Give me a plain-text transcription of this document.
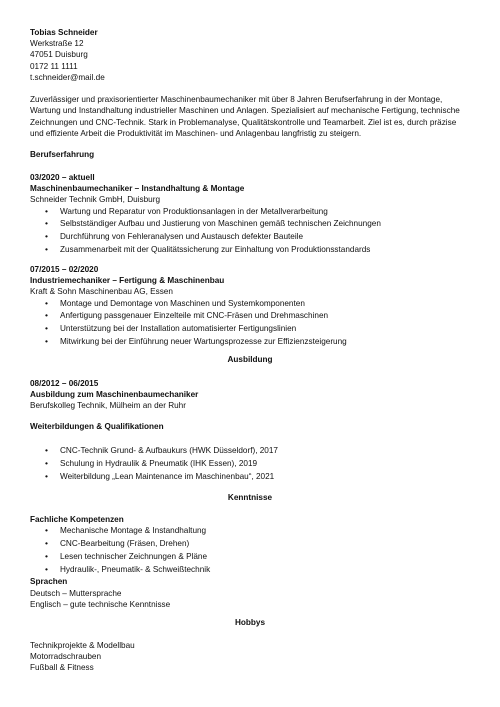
Tobias Schneider
Werkstraße 12
47051 Duisburg
0172 11 1111
t.schneider@mail.de
Zuverlässiger und praxisorientierter Maschinenbaumechaniker mit über 8 Jahren Berufserfahrung in der Montage, Wartung und Instandhaltung industrieller Maschinen und Anlagen. Spezialisiert auf mechanische Fertigung, technische Zeichnungen und CNC-Technik. Stark in Problemanalyse, Qualitätskontrolle und Teamarbeit. Ziel ist es, durch präzise und effiziente Arbeit die Produktivität im Maschinen- und Anlagenbau langfristig zu steigern.
Berufserfahrung
03/2020 – aktuell
Maschinenbaumechaniker – Instandhaltung & Montage
Schneider Technik GmbH, Duisburg
• Wartung und Reparatur von Produktionsanlagen in der Metallverarbeitung
• Selbstständiger Aufbau und Justierung von Maschinen gemäß technischen Zeichnungen
• Durchführung von Fehleranalysen und Austausch defekter Bauteile
• Zusammenarbeit mit der Qualitätssicherung zur Einhaltung von Produktionsstandards
07/2015 – 02/2020
Industriemechaniker – Fertigung & Maschinenbau
Kraft & Sohn Maschinenbau AG, Essen
• Montage und Demontage von Maschinen und Systemkomponenten
• Anfertigung passgenauer Einzelteile mit CNC-Fräsen und Drehmaschinen
• Unterstützung bei der Installation automatisierter Fertigungslinien
• Mitwirkung bei der Einführung neuer Wartungsprozesse zur Effizienzsteigerung
Ausbildung
08/2012 – 06/2015
Ausbildung zum Maschinenbaumechaniker
Berufskolleg Technik, Mülheim an der Ruhr
Weiterbildungen & Qualifikationen
• CNC-Technik Grund- & Aufbaukurs (HWK Düsseldorf), 2017
• Schulung in Hydraulik & Pneumatik (IHK Essen), 2019
• Weiterbildung „Lean Maintenance im Maschinenbau“, 2021
Kenntnisse
Fachliche Kompetenzen
• Mechanische Montage & Instandhaltung
• CNC-Bearbeitung (Fräsen, Drehen)
• Lesen technischer Zeichnungen & Pläne
• Hydraulik-, Pneumatik- & Schweißtechnik
Sprachen
Deutsch – Muttersprache
Englisch – gute technische Kenntnisse
Hobbys
Technikprojekte & Modellbau
Motorradschrauben
Fußball & Fitness
